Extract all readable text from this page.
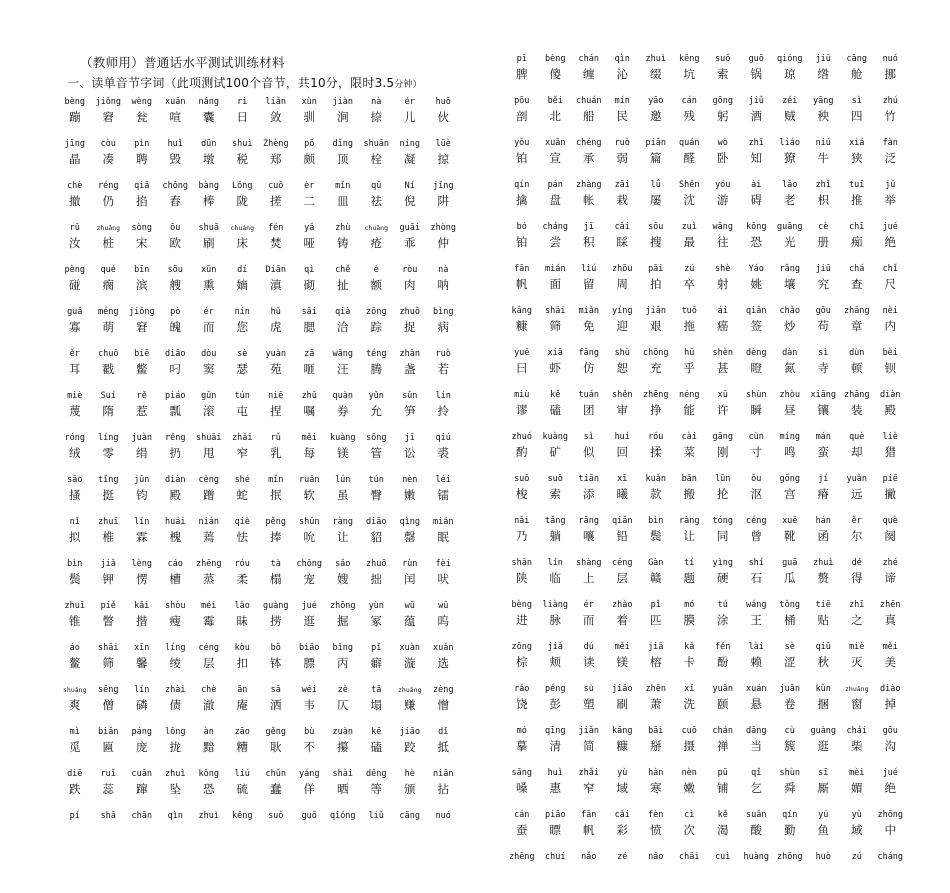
（教师用）普通话水平测试训练材料
一、读单音节字词（此项测试100个音节，共10分，限时3.5分钟）
bèng
蹦
jiǒng
窘
wèng
瓮
xuān
喧
náng
囊
rì
日
liǎn
敛
xùn
驯
jiàn
涧
nà
捺
ér
儿
huǒ
伙
jīng
晶
còu
凑
pìn
聘
huǐ
毁
dūn
墩
shuì
税
Zhèng
郑
pō
颇
dǐng
顶
shuān
栓
níng
凝
lüè
掠
chè
撤
réng
仍
qiā
掐
chōng
舂
bàng
棒
Lǒng
陇
cuō
搓
èr
二
mǐn
皿
qū
祛
Ní
倪
jǐng
阱
rǔ
汝
zhuāng
桩
sòng
宋
ōu
欧
shuā
刷
chuáng
床
fén
焚
yǎ
哑
zhù
铸
chuāng
疮
guāi
乖
zhòng
仲
pèng
碰
qué
瘸
bīn
滨
sōu
艘
xūn
熏
dí
嫡
Diān
滇
qì
砌
chě
扯
é
额
ròu
肉
nà
呐
guǎ
寡
méng
萌
jiǒng
窘
pò
魄
ér
而
nín
您
hǔ
虎
sāi
腮
qià
洽
zōng
踪
zhuō
捉
bìng
病
ěr
耳
chuō
戳
biē
鳖
diāo
叼
dòu
窦
sè
瑟
yuàn
苑
zā
咂
wāng
汪
téng
腾
zhǎn
盏
ruò
若
miè
蔑
Suí
隋
rě
惹
piáo
瓢
gǔn
滚
tún
屯
niē
捏
zhǔ
嘱
quàn
券
yǔn
允
sǔn
笋
lín
拎
róng
绒
líng
零
juàn
绢
rěng
扔
shuāi
甩
zhǎi
窄
rǔ
乳
měi
每
kuàng
镁
sōng
管
jī
讼
qiú
裘
sāo
搔
tǐng
挺
jūn
钧
diàn
殿
cèng
蹭
shé
蛇
mǐn
抿
ruǎn
软
lún
虽
tún
臀
nèn
嫩
léi
镭
nǐ
拟
zhuī
椎
lín
霖
huái
槐
nián
蔫
qiè
怯
pěng
捧
shǔn
吮
ràng
让
diāo
貂
qìng
罄
mián
眠
bìn
鬓
jiǎ
钾
lèng
愣
cáo
槽
zhēng
蒸
róu
柔
tà
榻
chǒng
宠
sǎo
嫂
zhuō
拙
rùn
闰
fèi
吠
zhuī
锥
piě
瞥
kāi
揩
shòu
瘦
méi
霉
lǎo
昧
guàng
捞
jué
逛
zhōng
掘
yùn
冢
wū
蕴
wū
呜
áo
鳌
shāi
筛
xīn
馨
líng
绫
céng
层
kòu
扣
bō
钵
biāo
膘
bǐng
丙
pǐ
癖
xuàn
漩
xuǎn
选
shuǎng
爽
sēng
僧
lín
磷
zhài
债
chè
澈
ān
庵
sǎ
洒
wéi
韦
zè
仄
tā
塌
zhuāng
赚
zèng
憎
mì
觅
biǎn
匾
páng
庞
lǒng
拢
àn
黯
zāo
糟
gěng
耿
bù
不
zuàn
攥
kē
磕
jiāo
跤
dǐ
抵
diē
跌
ruǐ
蕊
cuān
蹿
zhuì
坠
kǒng
恐
liú
硫
chǔn
蠢
yáng
佯
shài
晒
dēng
等
hè
颁
niān
拈
pí shā chān qìn zhuì kěng suǒ guō qióng liǔ cāng nuó
pī
脾
bèng
傻
chán
缠
qìn
沁
zhuì
缀
kēng
坑
suǒ
索
guō
锅
qióng
琼
jiǔ
绺
cāng
舱
nuó
挪
pōu
剖
běi
北
chuán
船
mín
民
yāo
邀
cán
残
gōng
躬
jiǔ
酒
zéi
贼
yāng
秧
sì
四
zhú
竹
yǒu
铂
xuān
宣
chéng
承
ruò
弱
piān
篇
quán
醛
wò
卧
zhī
知
liáo
獠
niú
牛
xiá
狭
fàn
泛
qín
擒
pán
盘
zhàng
帐
zāi
栽
lǚ
屡
Shěn
沈
yóu
游
ài
碍
lǎo
老
zhǐ
枳
tuī
推
jǔ
举
bó
铂
cháng
尝
jī
积
cǎi
睬
sōu
搜
zuì
最
wǎng
往
kōng
恐
guāng
光
cè
册
chī
痴
jué
绝
fān
帆
mián
面
liú
留
zhōu
周
pāi
拍
zú
卒
shè
射
Yáo
姚
rǎng
壤
jiū
究
chá
查
chǐ
尺
kāng
糠
shāi
筛
miǎn
免
yíng
迎
jiān
艰
tuō
拖
ái
癌
qiān
签
chǎo
炒
gōu
苟
zhāng
章
nèi
内
yuē
曰
xiā
虾
fǎng
仿
shù
恕
chōng
充
hū
乎
shèn
甚
dèng
瞪
dàn
氮
sì
寺
dùn
顿
bèi
钡
miù
谬
kě
磕
tuán
团
shěn
审
zhēng
挣
néng
能
xǔ
许
shùn
瞬
zhòu
昼
xiāng
镶
zhāng
装
diàn
殿
zhuó
酌
kuàng
矿
sì
似
huí
回
róu
揉
cài
菜
gāng
刚
cùn
寸
míng
鸣
mán
蛮
què
却
liè
猎
suō
梭
suǒ
索
tiān
添
xī
曦
kuǎn
款
bān
搬
lūn
抡
ōu
沤
gōng
宫
jí
瘠
yuǎn
远
piē
撇
nǎi
乃
tǎng
躺
rāng
嚷
qiān
铅
bìn
鬓
ràng
让
tóng
同
céng
曾
xuē
靴
hán
函
ěr
尔
què
阕
shǎn
陕
lín
临
shàng
上
céng
层
Gàn
赣
tí
题
yìng
硬
shí
石
guā
瓜
zhuì
赘
dé
得
zhé
谛
bèng
进
liàng
脉
ér
而
zhào
着
pǐ
匹
mó
膜
tú
涂
wáng
王
tǒng
桶
tiē
贴
zhī
之
zhēn
真
zōng
棕
jiǎ
颊
dú
读
měi
镁
jiā
榕
kǎ
卡
fěn
酚
lài
赖
sè
涩
qiū
秋
miè
灭
měi
美
ráo
饶
péng
彭
sù
塑
jiǎo
刷
zhēn
萧
xǐ
洗
yuǎn
颐
xuán
悬
juǎn
卷
kǔn
捆
zhuāng
窗
diào
掉
mó
摹
qīng
清
jiǎn
简
kāng
糠
bāi
掰
cuō
摄
chán
禅
dāng
当
cù
簇
guàng
逛
chái
柴
gōu
沟
sāng
嗓
huì
惠
zhǎi
窄
yù
域
hàn
寒
nèn
嫩
pū
铺
qǐ
乞
shùn
舜
sī
厮
mèi
媚
jué
绝
cán
蚕
piāo
瞟
fān
帆
cǎi
彩
fèn
愤
cì
次
kě
渴
suān
酸
qín
勤
yú
鱼
yù
域
zhōng
中
zhēng chuí nǎo zé nǎo chāi cuì huàng zhōng huò zú cháng
